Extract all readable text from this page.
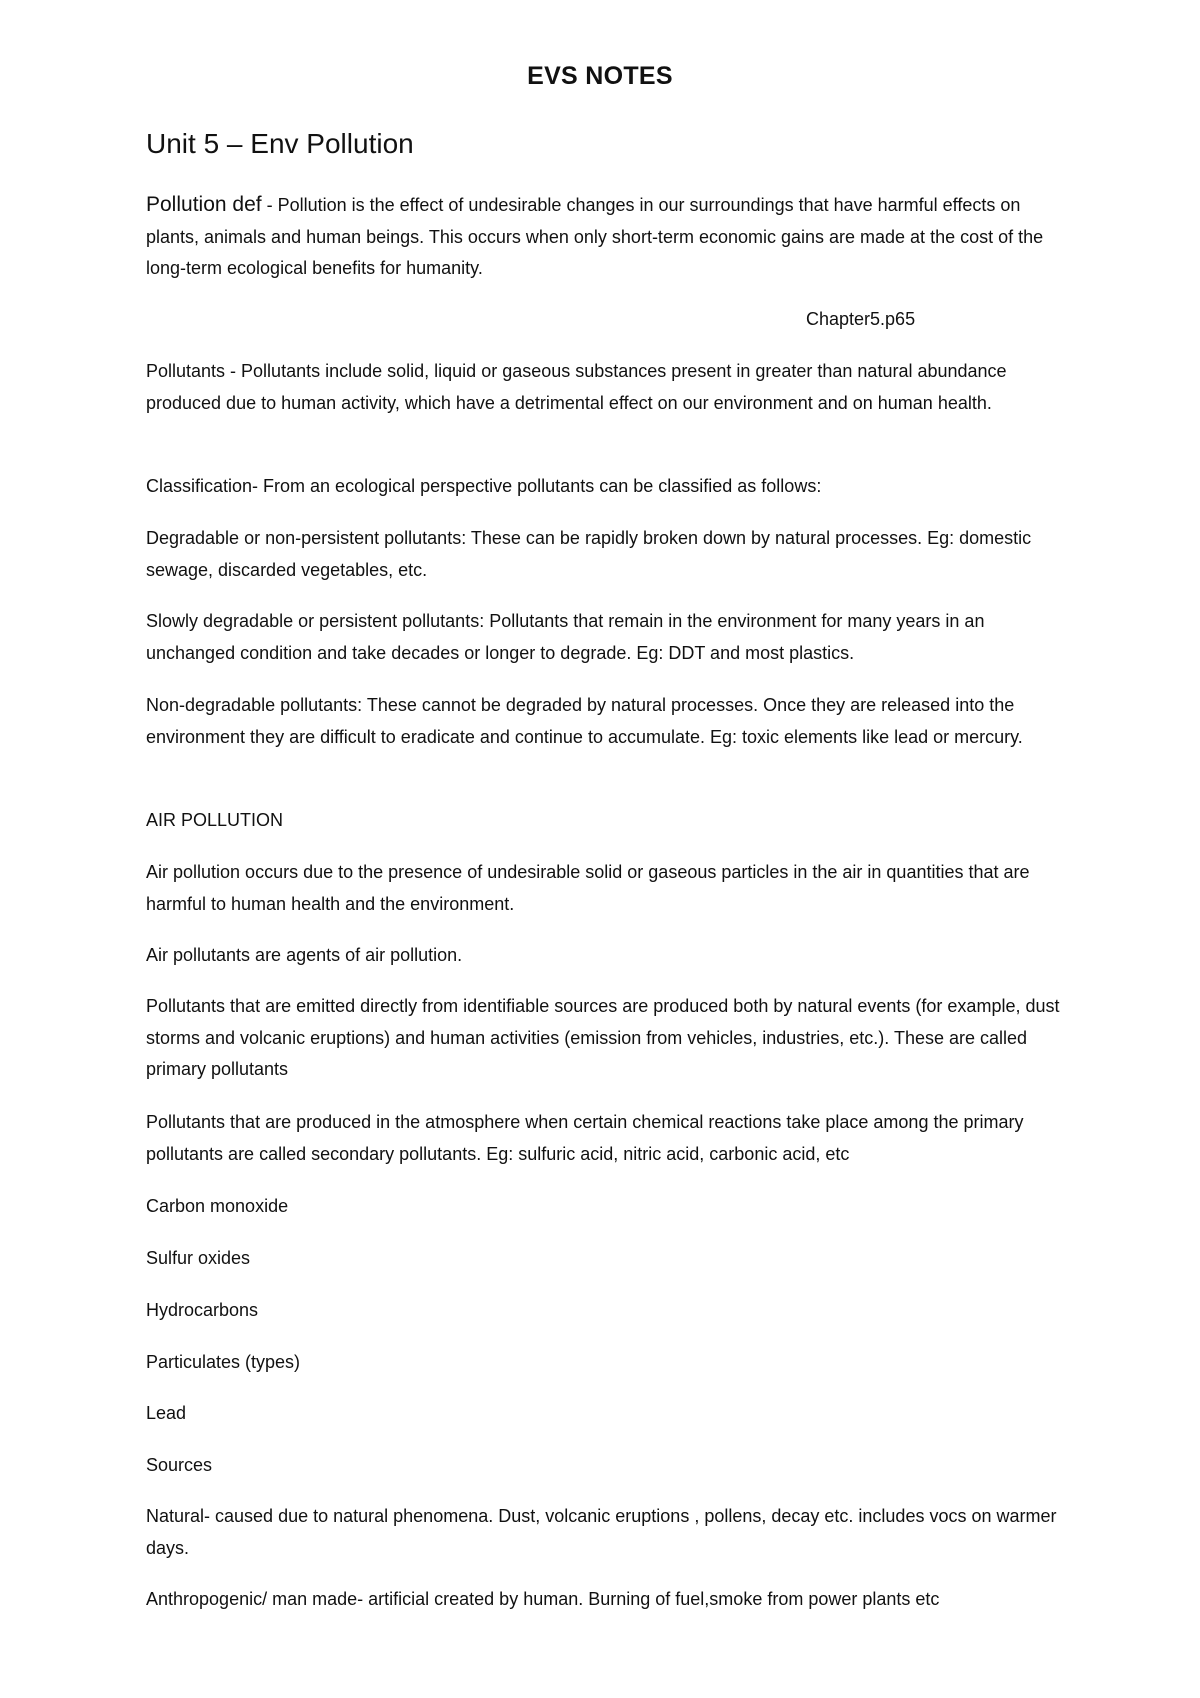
EVS NOTES
Unit 5 – Env Pollution
Pollution def - Pollution is the effect of undesirable changes in our surroundings that have harmful effects on plants, animals and human beings. This occurs when only short-term economic gains are made at the cost of the long-term ecological benefits for humanity.
Chapter5.p65
Pollutants - Pollutants include solid, liquid or gaseous substances present in greater than natural abundance produced due to human activity, which have a detrimental effect on our environment and on human health.
Classification- From an ecological perspective pollutants can be classified as follows:
Degradable or non-persistent pollutants: These can be rapidly broken down by natural processes. Eg: domestic sewage, discarded vegetables, etc.
Slowly degradable or persistent pollutants: Pollutants that remain in the environment for many years in an unchanged condition and take decades or longer to degrade. Eg: DDT and most plastics.
Non-degradable pollutants: These cannot be degraded by natural processes. Once they are released into the environment they are difficult to eradicate and continue to accumulate. Eg: toxic elements like lead or mercury.
AIR POLLUTION
Air pollution occurs due to the presence of undesirable solid or gaseous particles in the air in quantities that are harmful to human health and the environment.
Air pollutants are agents of air pollution.
Pollutants that are emitted directly from identifiable sources are produced both by natural events (for example, dust storms and volcanic eruptions) and human activities (emission from vehicles, industries, etc.). These are called primary pollutants
Pollutants that are produced in the atmosphere when certain chemical reactions take place among the primary pollutants are called secondary pollutants. Eg: sulfuric acid, nitric acid, carbonic acid, etc
Carbon monoxide
Sulfur oxides
Hydrocarbons
Particulates (types)
Lead
Sources
Natural- caused due to natural phenomena. Dust, volcanic eruptions , pollens, decay etc. includes vocs on warmer days.
Anthropogenic/ man made- artificial created by human. Burning of fuel,smoke from power plants etc
